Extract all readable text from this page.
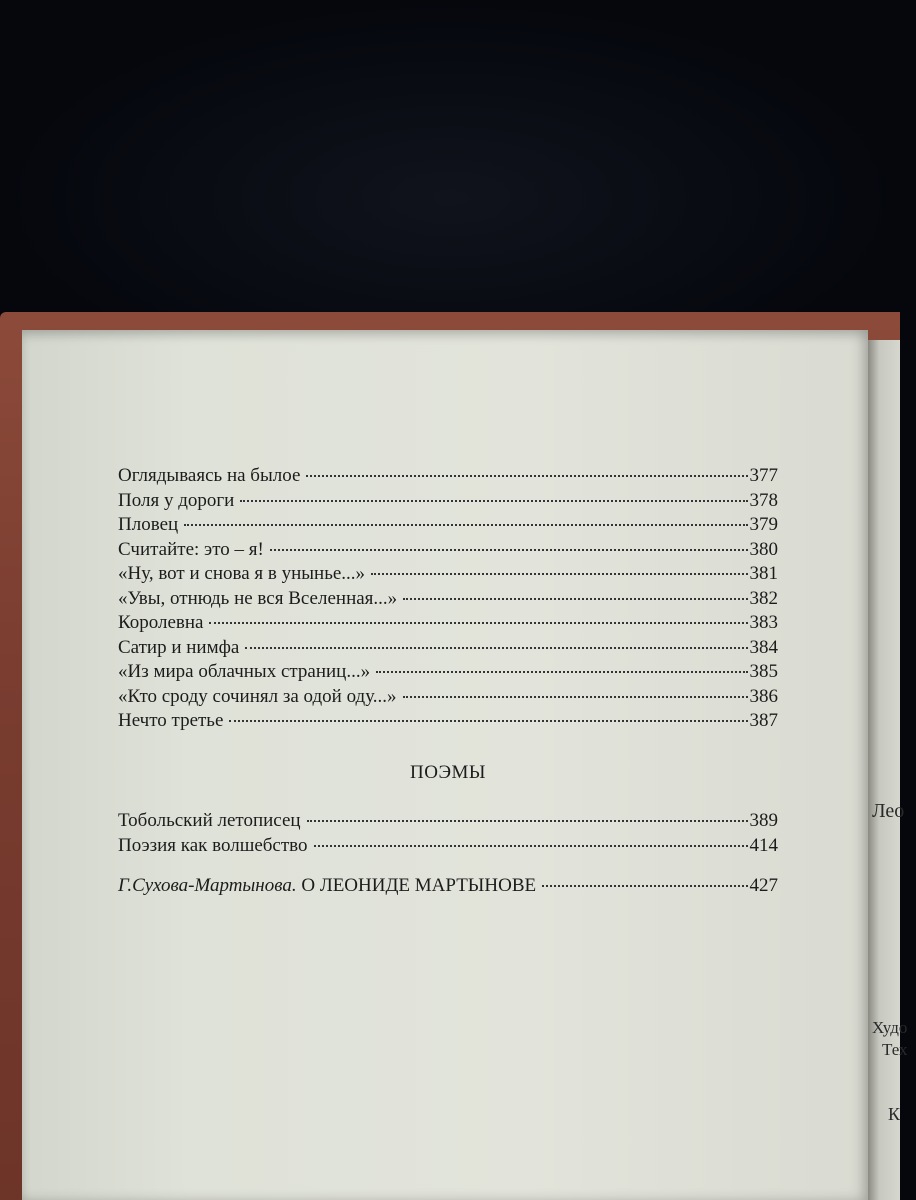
Лео
Худо
Тех
К
Оглядываясь на былое	377
Поля у дороги	378
Пловец	379
Считайте: это – я!	380
«Ну, вот и снова я в унынье...»	381
«Увы, отнюдь не вся Вселенная...»	382
Королевна	383
Сатир и нимфа	384
«Из мира облачных страниц...»	385
«Кто сроду сочинял за одой оду...»	386
Нечто третье	387
ПОЭМЫ
Тобольский летописец	389
Поэзия как волшебство	414
Г.Сухова-Мартынова. О ЛЕОНИДЕ МАРТЫНОВЕ	427
